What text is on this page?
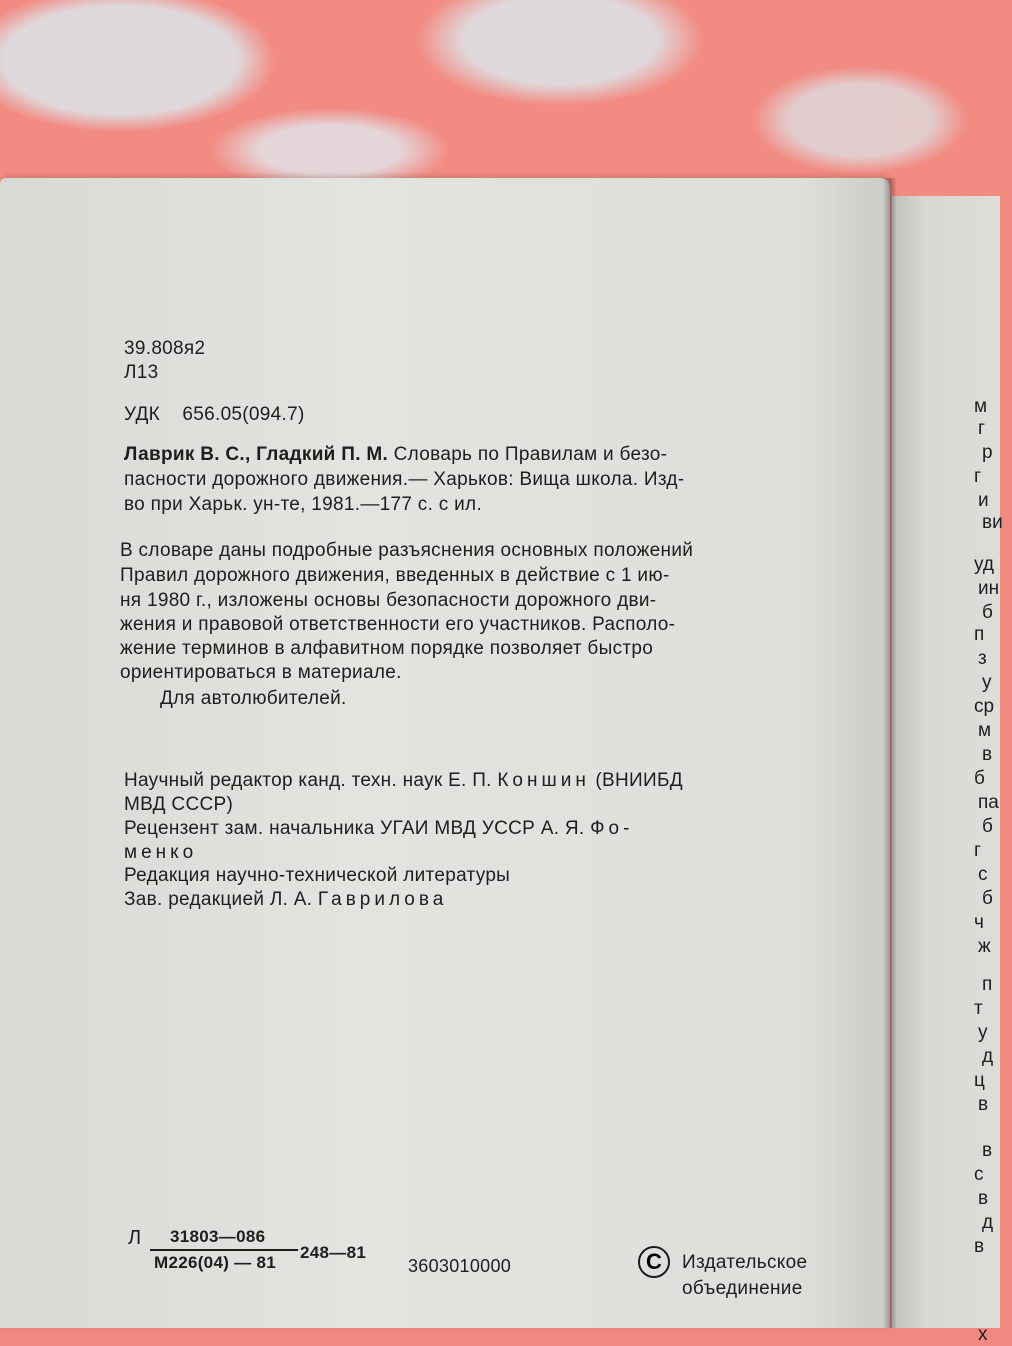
м
г
р
г
и
ви
уд
ин
б
п
з
у
ср
м
в
б
па
б
г
с
б
ч
ж
п
т
у
д
ц
в
в
с
в
д
в
х
39.808я2
Л13
УДК 656.05(094.7)
Лаврик В. С., Гладкий П. М. Словарь по Правилам и безо-
пасности дорожного движения.— Харьков: Вища школа. Изд-
во при Харьк. ун-те, 1981.—177 с. с ил.
В словаре даны подробные разъяснения основных положений
Правил дорожного движения, введенных в действие с 1 ию-
ня 1980 г., изложены основы безопасности дорожного дви-
жения и правовой ответственности его участников. Располо-
жение терминов в алфавитном порядке позволяет быстро
ориентироваться в материале.
Для автолюбителей.
Научный редактор канд. техн. наук Е. П. Коншин (ВНИИБД
МВД СССР)
Рецензент зам. начальника УГАИ МВД УССР А. Я. Фо-
менко
Редакция научно-технической литературы
Зав. редакцией Л. А. Гаврилова
Л 31803—086
М226(04) — 81
248—81
3603010000	C	Издательское
объединение
